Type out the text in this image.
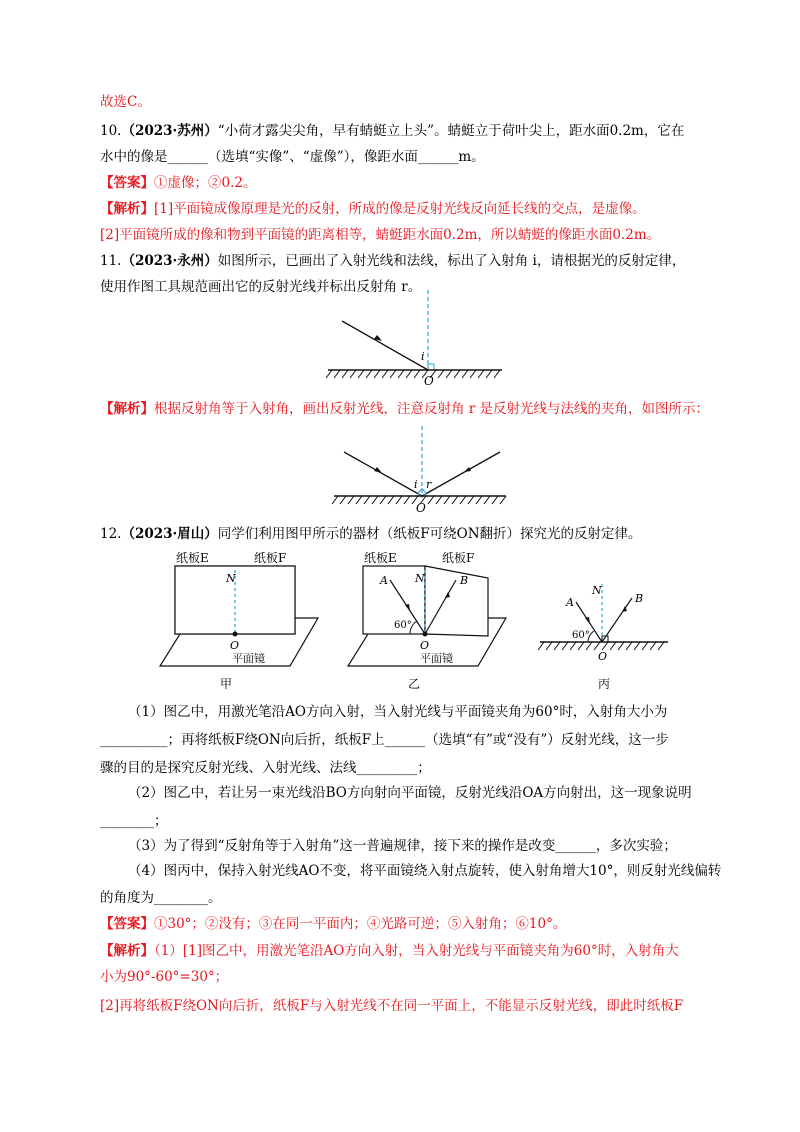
故选C。
10.（2023·苏州）“小荷才露尖尖角，早有蜻蜓立上头”。蜻蜓立于荷叶尖上，距水面0.2m，它在
水中的像是______（选填“实像”、“虚像”），像距水面______m。
【答案】①虚像；②0.2。
【解析】[1]平面镜成像原理是光的反射，所成的像是反射光线反向延长线的交点，是虚像。
[2]平面镜所成的像和物到平面镜的距离相等，蜻蜓距水面0.2m，所以蜻蜓的像距水面0.2m。
11.（2023·永州）如图所示，已画出了入射光线和法线，标出了入射角 i，请根据光的反射定律，
使用作图工具规范画出它的反射光线并标出反射角 r。
i
O
【解析】根据反射角等于入射角，画出反射光线，注意反射角 r 是反射光线与法线的夹角，如图所示：
i r
O
12.（2023·眉山）同学们利用图甲所示的器材（纸板F可绕ON翻折）探究光的反射定律。
纸板E	纸板F
N
O
平面镜
甲
纸板E	纸板F
A	B
N
60°
O
平面镜
乙
A	B
N
60°
O
丙
（1）图乙中，用激光笔沿AO方向入射，当入射光线与平面镜夹角为60°时，入射角大小为
__________；再将纸板F绕ON向后折，纸板F上______（选填“有”或“没有”）反射光线，这一步
骤的目的是探究反射光线、入射光线、法线_________；
（2）图乙中，若让另一束光线沿BO方向射向平面镜，反射光线沿OA方向射出，这一现象说明
________；
（3）为了得到“反射角等于入射角”这一普遍规律，接下来的操作是改变______，多次实验；
（4）图丙中，保持入射光线AO不变，将平面镜绕入射点旋转，使入射角增大10°，则反射光线偏转
的角度为________。
【答案】①30°；②没有；③在同一平面内；④光路可逆；⑤入射角；⑥10°。
【解析】（1）[1]图乙中，用激光笔沿AO方向入射，当入射光线与平面镜夹角为60°时，入射角大
小为90°-60°=30°；
[2]再将纸板F绕ON向后折，纸板F与入射光线不在同一平面上，不能显示反射光线，即此时纸板F
